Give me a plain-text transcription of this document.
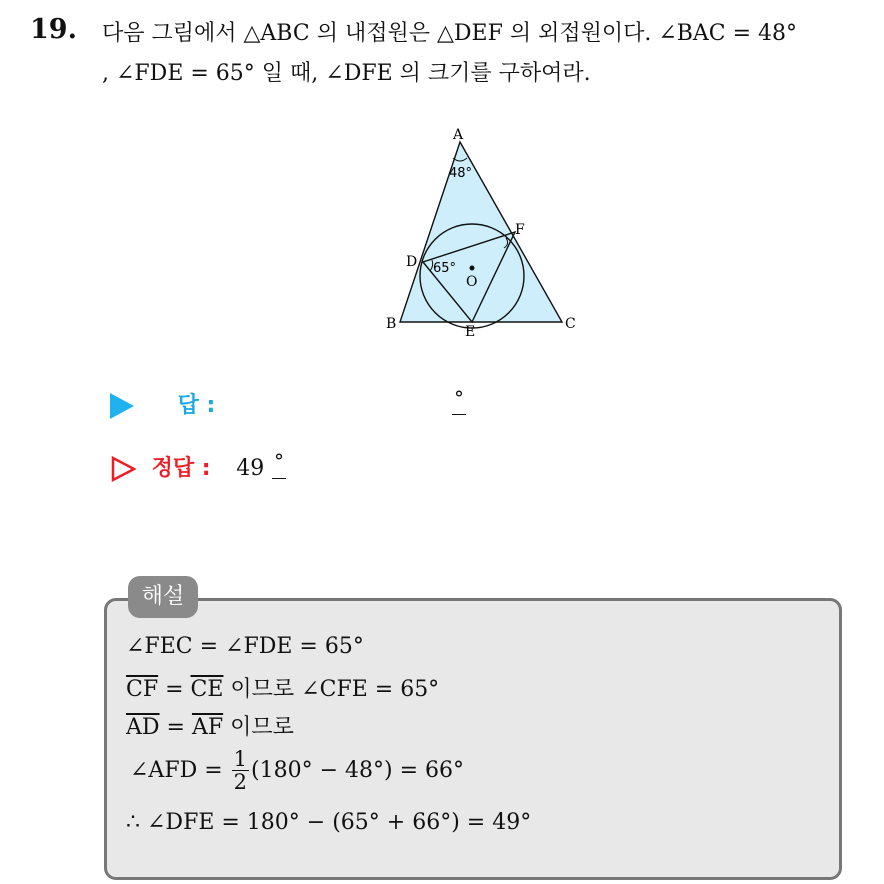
19. 다음 그림에서 △ABC 의 내접원은 △DEF 의 외접원이다. ∠BAC = 48°
, ∠FDE = 65° 일 때, ∠DFE 의 크기를 구하여라.
A
B	C
D
E
F
O
48°
65°
답 :	°
정답 : 49 °
해설
∠FEC = ∠FDE = 65°
$\overline{CF} = \overline{CE}$ 이므로 ∠CFE = 65°
$\overline{AD} = \overline{AF}$ 이므로
∠AFD = $\frac{1}{2} (180^\circ - 48^\circ) = 66^\circ$
∴ ∠DFE = 180° − (65° + 66°) = 49°
